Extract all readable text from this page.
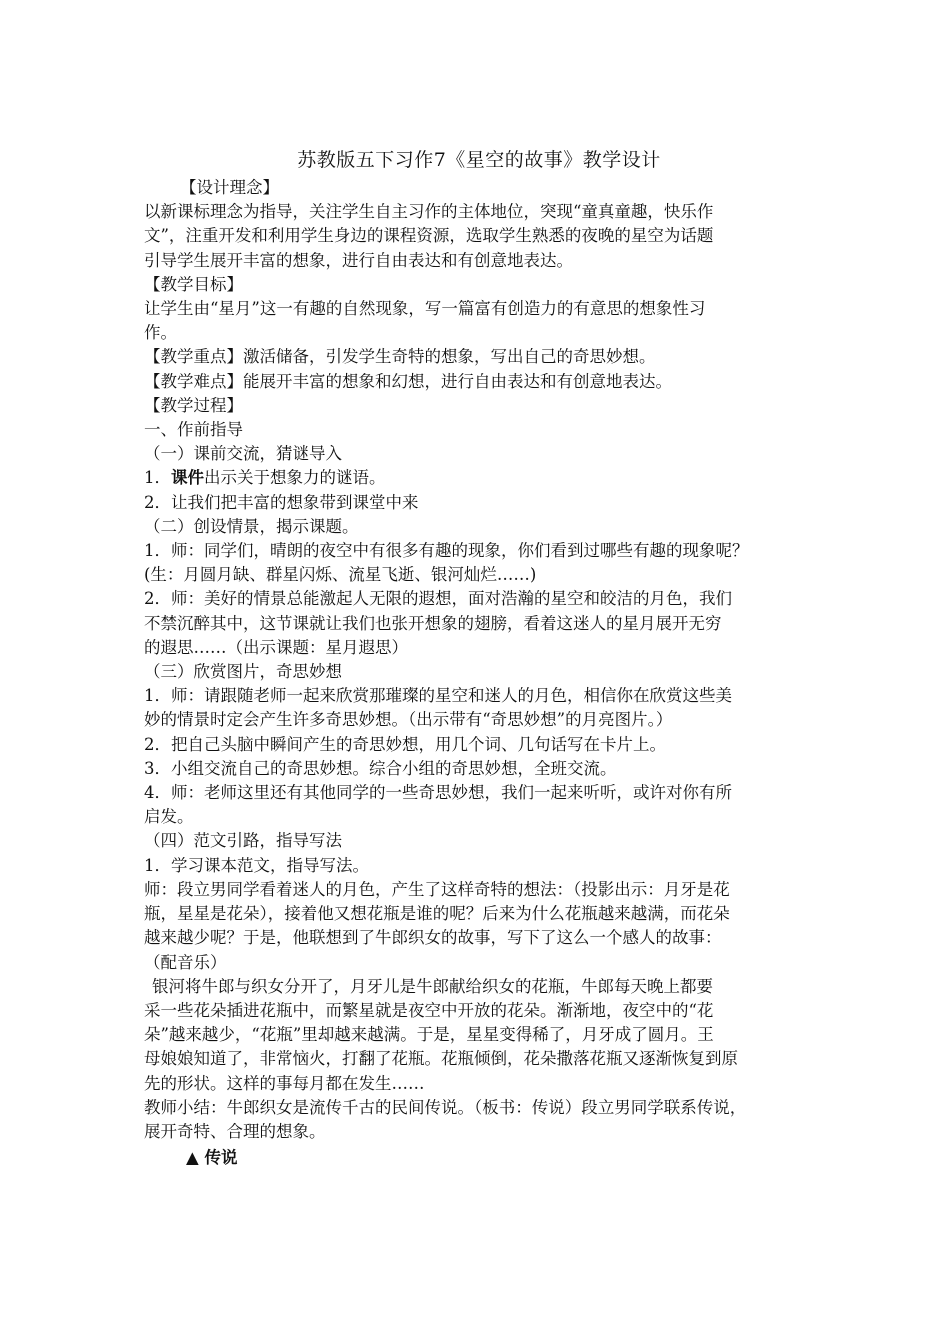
苏教版五下习作7《星空的故事》教学设计
【设计理念】
以新课标理念为指导，关注学生自主习作的主体地位，突现“童真童趣，快乐作
文”，注重开发和利用学生身边的课程资源，选取学生熟悉的夜晚的星空为话题
引导学生展开丰富的想象，进行自由表达和有创意地表达。
【教学目标】
让学生由“星月”这一有趣的自然现象，写一篇富有创造力的有意思的想象性习
作。
【教学重点】激活储备，引发学生奇特的想象，写出自己的奇思妙想。
【教学难点】能展开丰富的想象和幻想，进行自由表达和有创意地表达。
【教学过程】
一、作前指导
（一）课前交流，猜谜导入
1．课件出示关于想象力的谜语。
2．让我们把丰富的想象带到课堂中来
（二）创设情景，揭示课题。
1．师：同学们，晴朗的夜空中有很多有趣的现象，你们看到过哪些有趣的现象呢？
(生：月圆月缺、群星闪烁、流星飞逝、银河灿烂……)
2．师：美好的情景总能激起人无限的遐想，面对浩瀚的星空和皎洁的月色，我们
不禁沉醉其中，这节课就让我们也张开想象的翅膀，看着这迷人的星月展开无穷
的遐思……（出示课题：星月遐思）
（三）欣赏图片，奇思妙想
1．师：请跟随老师一起来欣赏那璀璨的星空和迷人的月色，相信你在欣赏这些美
妙的情景时定会产生许多奇思妙想。（出示带有“奇思妙想”的月亮图片。）
2．把自己头脑中瞬间产生的奇思妙想，用几个词、几句话写在卡片上。
3．小组交流自己的奇思妙想。综合小组的奇思妙想，全班交流。
4．师：老师这里还有其他同学的一些奇思妙想，我们一起来听听，或许对你有所
启发。
（四）范文引路，指导写法
1．学习课本范文，指导写法。
师：段立男同学看着迷人的月色，产生了这样奇特的想法：（投影出示：月牙是花
瓶，星星是花朵），接着他又想花瓶是谁的呢？后来为什么花瓶越来越满，而花朵
越来越少呢？于是，他联想到了牛郎织女的故事，写下了这么一个感人的故事：
（配音乐）
银河将牛郎与织女分开了，月牙儿是牛郎献给织女的花瓶，牛郎每天晚上都要
采一些花朵插进花瓶中，而繁星就是夜空中开放的花朵。渐渐地，夜空中的“花
朵”越来越少，“花瓶”里却越来越满。于是，星星变得稀了，月牙成了圆月。王
母娘娘知道了，非常恼火，打翻了花瓶。花瓶倾倒，花朵撒落花瓶又逐渐恢复到原
先的形状。这样的事每月都在发生……
教师小结：牛郎织女是流传千古的民间传说。（板书：传说）段立男同学联系传说，
展开奇特、合理的想象。
▲ 传说
